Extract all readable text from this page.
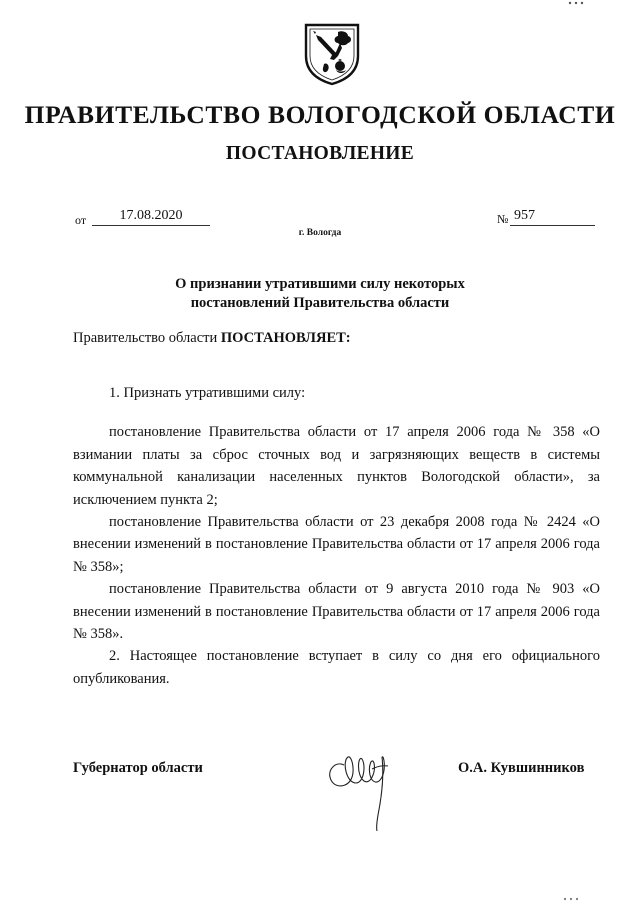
ПРАВИТЕЛЬСТВО ВОЛОГОДСКОЙ ОБЛАСТИ
ПОСТАНОВЛЕНИЕ
от	17.08.2020	№ 957
г. Вологда
О признании утратившими силу некоторых
постановлений Правительства области
Правительство области ПОСТАНОВЛЯЕТ:

1. Признать утратившими силу:

постановление Правительства области от 17 апреля 2006 года № 358 «О взимании платы за сброс сточных вод и загрязняющих веществ в системы коммунальной канализации населенных пунктов Вологодской области», за исключением пункта 2;

постановление Правительства области от 23 декабря 2008 года № 2424 «О внесении изменений в постановление Правительства области от 17 апреля 2006 года № 358»;

постановление Правительства области от 9 августа 2010 года № 903 «О внесении изменений в постановление Правительства области от 17 апреля 2006 года № 358».

2. Настоящее постановление вступает в силу со дня его официального опубликования.

Губернатор области	О.А. Кувшинников
